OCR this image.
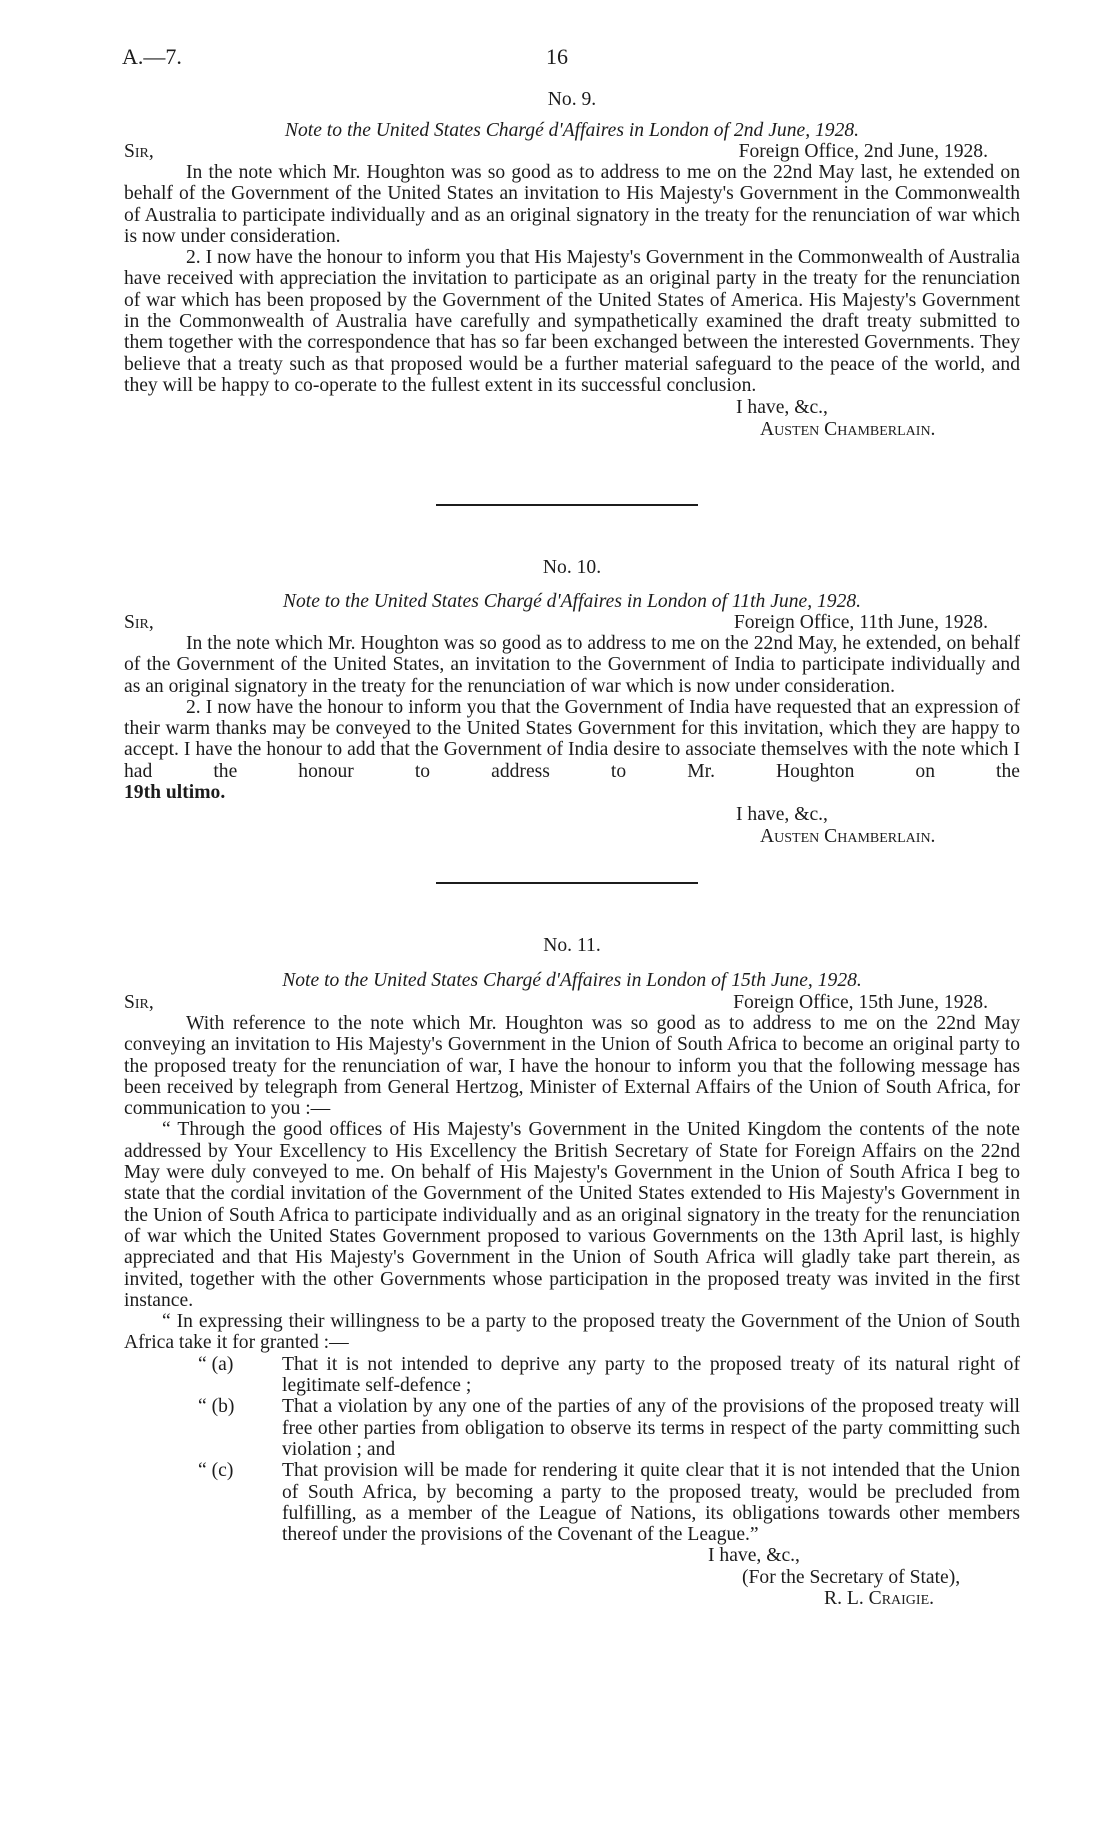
A.—7.	16
No. 9.
Note to the United States Chargé d'Affaires in London of 2nd June, 1928.
Sir,	Foreign Office, 2nd June, 1928.

In the note which Mr. Houghton was so good as to address to me on the 22nd May last, he extended on behalf of the Government of the United States an invitation to His Majesty's Government in the Commonwealth of Australia to participate individually and as an original signatory in the treaty for the renunciation of war which is now under consideration.

2. I now have the honour to inform you that His Majesty's Government in the Commonwealth of Australia have received with appreciation the invitation to participate as an original party in the treaty for the renunciation of war which has been proposed by the Government of the United States of America. His Majesty's Government in the Commonwealth of Australia have carefully and sympathetically examined the draft treaty submitted to them together with the correspondence that has so far been exchanged between the interested Governments. They believe that a treaty such as that proposed would be a further material safeguard to the peace of the world, and they will be happy to co-operate to the fullest extent in its successful conclusion.

I have, &c.,
Austen Chamberlain.
No. 10.
Note to the United States Chargé d'Affaires in London of 11th June, 1928.
Sir,	Foreign Office, 11th June, 1928.

In the note which Mr. Houghton was so good as to address to me on the 22nd May, he extended, on behalf of the Government of the United States, an invitation to the Government of India to participate individually and as an original signatory in the treaty for the renunciation of war which is now under consideration.

2. I now have the honour to inform you that the Government of India have requested that an expression of their warm thanks may be conveyed to the United States Government for this invitation, which they are happy to accept. I have the honour to add that the Government of India desire to associate themselves with the note which I had the honour to address to Mr. Houghton on the

19th ultimo.
I have, &c.,
Austen Chamberlain.
No. 11.
Note to the United States Chargé d'Affaires in London of 15th June, 1928.
Sir,	Foreign Office, 15th June, 1928.

With reference to the note which Mr. Houghton was so good as to address to me on the 22nd May conveying an invitation to His Majesty's Government in the Union of South Africa to become an original party to the proposed treaty for the renunciation of war, I have the honour to inform you that the following message has been received by telegraph from General Hertzog, Minister of External Affairs of the Union of South Africa, for communication to you :—

“ Through the good offices of His Majesty's Government in the United Kingdom the contents of the note addressed by Your Excellency to His Excellency the British Secretary of State for Foreign Affairs on the 22nd May were duly conveyed to me. On behalf of His Majesty's Government in the Union of South Africa I beg to state that the cordial invitation of the Government of the United States extended to His Majesty's Government in the Union of South Africa to participate individually and as an original signatory in the treaty for the renunciation of war which the United States Government proposed to various Governments on the 13th April last, is highly appreciated and that His Majesty's Government in the Union of South Africa will gladly take part therein, as invited, together with the other Governments whose participation in the proposed treaty was invited in the first instance.

“ In expressing their willingness to be a party to the proposed treaty the Government of the Union of South Africa take it for granted :—

“ (a) That it is not intended to deprive any party to the proposed treaty of its natural right of legitimate self-defence ;

“ (b) That a violation by any one of the parties of any of the provisions of the proposed treaty will free other parties from obligation to observe its terms in respect of the party committing such violation ; and

“ (c) That provision will be made for rendering it quite clear that it is not intended that the Union of South Africa, by becoming a party to the proposed treaty, would be precluded from fulfilling, as a member of the League of Nations, its obligations towards other members thereof under the provisions of the Covenant of the League.”

I have, &c.,
(For the Secretary of State),
R. L. Craigie.
